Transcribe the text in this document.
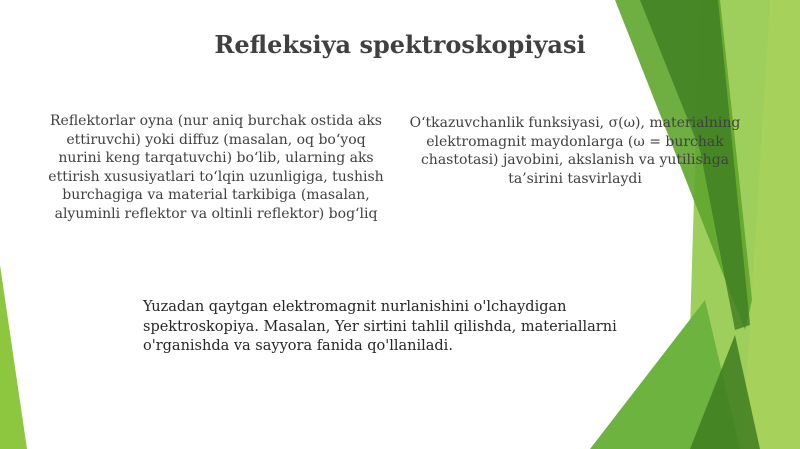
Refleksiya spektroskopiyasi

Reflektorlar oyna (nur aniq burchak ostida aks ettiruvchi) yoki diffuz (masalan, oq bo‘yoq nurini keng tarqatuvchi) bo‘lib, ularning aks ettirish xususiyatlari to‘lqin uzunligiga, tushish burchagiga va material tarkibiga (masalan, alyuminli reflektor va oltinli reflektor) bog‘liq

O‘tkazuvchanlik funksiyasi, σ(ω), materialning elektromagnit maydonlarga (ω = burchak chastotasi) javobini, akslanish va yutilishga ta’sirini tasvirlaydi

Yuzadan qaytgan elektromagnit nurlanishini o'lchaydigan spektroskopiya. Masalan, Yer sirtini tahlil qilishda, materiallarni o'rganishda va sayyora fanida qo'llaniladi.
